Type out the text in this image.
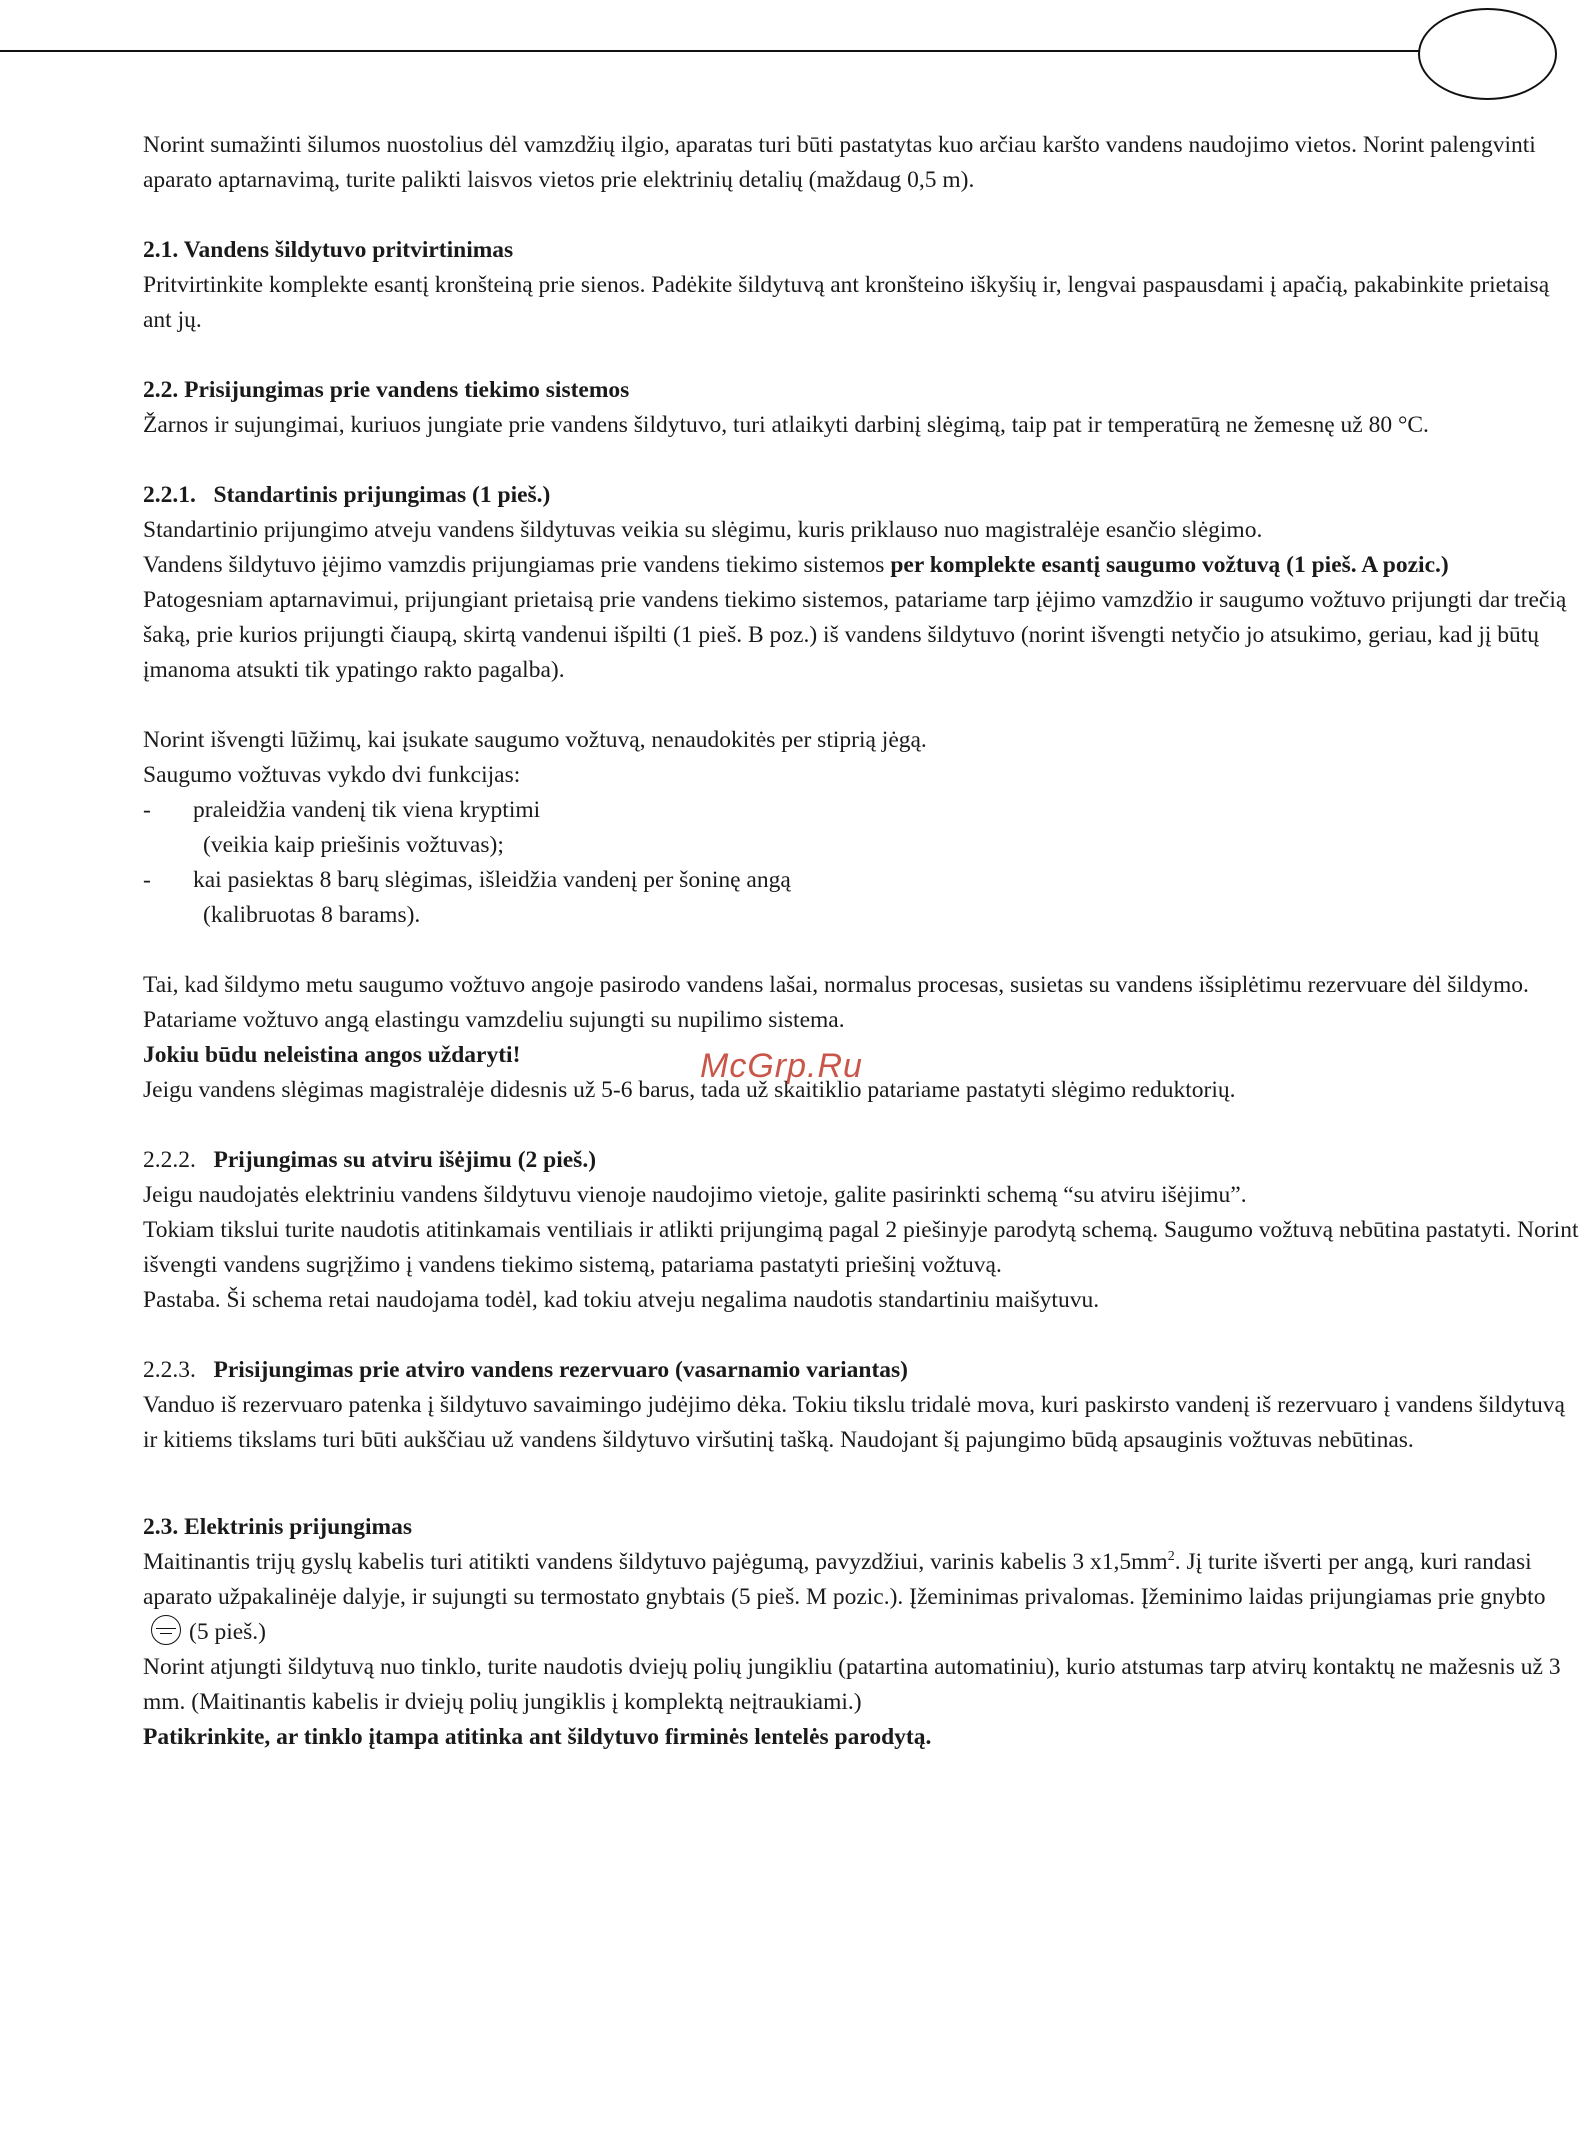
Norint sumažinti šilumos nuostolius dėl vamzdžių ilgio, aparatas turi būti pastatytas kuo arčiau karšto vandens naudojimo vietos. Norint palengvinti aparato aptarnavimą, turite palikti laisvos vietos prie elektrinių detalių (maždaug 0,5 m).

2.1. Vandens šildytuvo pritvirtinimas

Pritvirtinkite komplekte esantį kronšteiną prie sienos. Padėkite šildytuvą ant kronšteino iškyšių ir, lengvai paspausdami į apačią, pakabinkite prietaisą ant jų.

2.2. Prisijungimas prie vandens tiekimo sistemos

Žarnos ir sujungimai, kuriuos jungiate prie vandens šildytuvo, turi atlaikyti darbinį slėgimą, taip pat ir temperatūrą ne žemesnę už 80 °C.

2.2.1. Standartinis prijungimas (1 pieš.)

Standartinio prijungimo atveju vandens šildytuvas veikia su slėgimu, kuris priklauso nuo magistralėje esančio slėgimo.

Vandens šildytuvo įėjimo vamzdis prijungiamas prie vandens tiekimo sistemos per komplekte esantį saugumo vožtuvą (1 pieš. A pozic.)

Patogesniam aptarnavimui, prijungiant prietaisą prie vandens tiekimo sistemos, patariame tarp įėjimo vamzdžio ir saugumo vožtuvo prijungti dar trečią šaką, prie kurios prijungti čiaupą, skirtą vandenui išpilti (1 pieš. B poz.) iš vandens šildytuvo (norint išvengti netyčio jo atsukimo, geriau, kad jį būtų įmanoma atsukti tik ypatingo rakto pagalba).

Norint išvengti lūžimų, kai įsukate saugumo vožtuvą, nenaudokitės per stiprią jėgą.

Saugumo vožtuvas vykdo dvi funkcijas:

- praleidžia vandenį tik viena kryptimi

(veikia kaip priešinis vožtuvas);

- kai pasiektas 8 barų slėgimas, išleidžia vandenį per šoninę angą

(kalibruotas 8 barams).

Tai, kad šildymo metu saugumo vožtuvo angoje pasirodo vandens lašai, normalus procesas, susietas su vandens išsiplėtimu rezervuare dėl šildymo. Patariame vožtuvo angą elastingu vamzdeliu sujungti su nupilimo sistema.

Jokiu būdu neleistina angos uždaryti!

Jeigu vandens slėgimas magistralėje didesnis už 5-6 barus, tada už skaitiklio patariame pastatyti slėgimo reduktorių.

2.2.2. Prijungimas su atviru išėjimu (2 pieš.)

Jeigu naudojatės elektriniu vandens šildytuvu vienoje naudojimo vietoje, galite pasirinkti schemą “su atviru išėjimu”.

Tokiam tikslui turite naudotis atitinkamais ventiliais ir atlikti prijungimą pagal 2 piešinyje parodytą schemą. Saugumo vožtuvą nebūtina pastatyti. Norint išvengti vandens sugrįžimo į vandens tiekimo sistemą, patariama pastatyti priešinį vožtuvą.

Pastaba. Ši schema retai naudojama todėl, kad tokiu atveju negalima naudotis standartiniu maišytuvu.

2.2.3. Prisijungimas prie atviro vandens rezervuaro (vasarnamio variantas)

Vanduo iš rezervuaro patenka į šildytuvo savaimingo judėjimo dėka. Tokiu tikslu tridalė mova, kuri paskirsto vandenį iš rezervuaro į vandens šildytuvą ir kitiems tikslams turi būti aukščiau už vandens šildytuvo viršutinį tašką. Naudojant šį pajungimo būdą apsauginis vožtuvas nebūtinas.

2.3. Elektrinis prijungimas

Maitinantis trijų gyslų kabelis turi atitikti vandens šildytuvo pajėgumą, pavyzdžiui, varinis kabelis 3 $x1,5mm^2$. Jį turite išverti per angą, kuri randasi aparato užpakalinėje dalyje, ir sujungti su termostato gnybtais (5 pieš. M pozic.). Įžeminimas privalomas. Įžeminimo laidas prijungiamas prie gnybto(5 pieš.)

Norint atjungti šildytuvą nuo tinklo, turite naudotis dviejų polių jungikliu (patartina automatiniu), kurio atstumas tarp atvirų kontaktų ne mažesnis už 3 mm. (Maitinantis kabelis ir dviejų polių jungiklis į komplektą neįtraukiami.)

Patikrinkite, ar tinklo įtampa atitinka ant šildytuvo firminės lentelės parodytą.

McGrp.Ru
